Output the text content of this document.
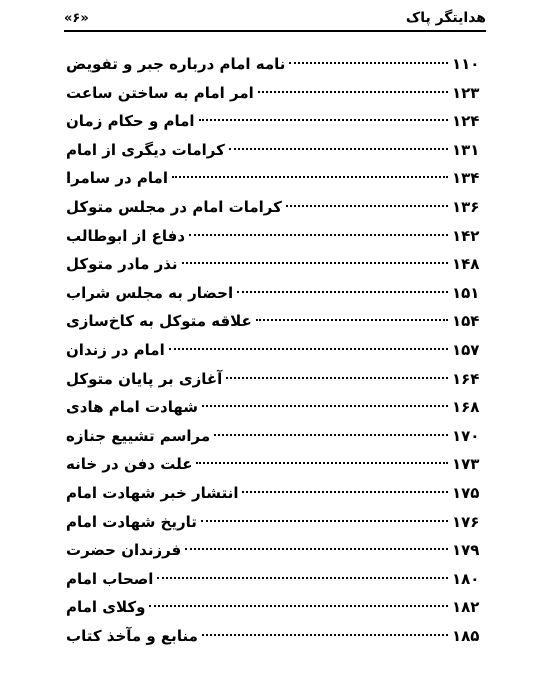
«۶»	هدایتگر پاک
نامه امام درباره جبر و تفویض	۱۱۰
امر امام به ساختن ساعت	۱۲۳
امام و حکام زمان	۱۲۴
کرامات دیگری از امام	۱۳۱
امام در سامرا	۱۳۴
کرامات امام در مجلس متوکل	۱۳۶
دفاع از ابوطالب	۱۴۲
نذر مادر متوکل	۱۴۸
احضار به مجلس شراب	۱۵۱
علاقه متوکل به کاخ‌سازی	۱۵۴
امام در زندان	۱۵۷
آغازی بر پایان متوکل	۱۶۴
شهادت امام هادی	۱۶۸
مراسم تشییع جنازه	۱۷۰
علت دفن در خانه	۱۷۳
انتشار خبر شهادت امام	۱۷۵
تاریخ شهادت امام	۱۷۶
فرزندان حضرت	۱۷۹
اصحاب امام	۱۸۰
وکلای امام	۱۸۲
منابع و مآخذ کتاب	۱۸۵
